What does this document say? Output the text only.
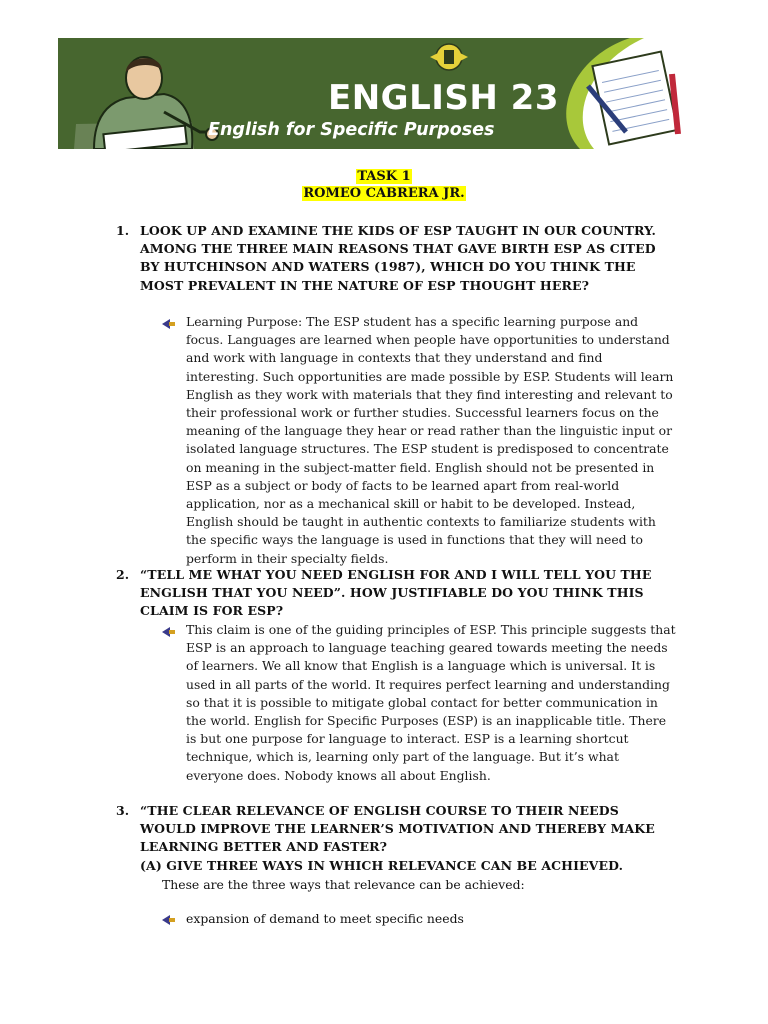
ENGLISH 23

English for Specific Purposes

TASK 1

ROMEO CABRERA JR.

1. LOOK UP AND EXAMINE THE KIDS OF ESP TAUGHT IN OUR COUNTRY. AMONG THE THREE MAIN REASONS THAT GAVE BIRTH ESP AS CITED BY HUTCHINSON AND WATERS (1987), WHICH DO YOU THINK THE MOST PREVALENT IN THE NATURE OF ESP THOUGHT HERE?

Learning Purpose: The ESP student has a specific learning purpose and focus. Languages are learned when people have opportunities to understand and work with language in contexts that they understand and find interesting. Such opportunities are made possible by ESP. Students will learn English as they work with materials that they find interesting and relevant to their professional work or further studies. Successful learners focus on the meaning of the language they hear or read rather than the linguistic input or isolated language structures. The ESP student is predisposed to concentrate on meaning in the subject-matter field. English should not be presented in ESP as a subject or body of facts to be learned apart from real-world application, nor as a mechanical skill or habit to be developed. Instead, English should be taught in authentic contexts to familiarize students with the specific ways the language is used in functions that they will need to perform in their specialty fields.

2. “TELL ME WHAT YOU NEED ENGLISH FOR AND I WILL TELL YOU THE ENGLISH THAT YOU NEED”. HOW JUSTIFIABLE DO YOU THINK THIS CLAIM IS FOR ESP?

This claim is one of the guiding principles of ESP. This principle suggests that ESP is an approach to language teaching geared towards meeting the needs of learners. We all know that English is a language which is universal. It is used in all parts of the world. It requires perfect learning and understanding so that it is possible to mitigate global contact for better communication in the world. English for Specific Purposes (ESP) is an inapplicable title. There is but one purpose for language to interact. ESP is a learning shortcut technique, which is, learning only part of the language. But it’s what everyone does. Nobody knows all about English.

3. “THE CLEAR RELEVANCE OF ENGLISH COURSE TO THEIR NEEDS WOULD IMPROVE THE LEARNER’S MOTIVATION AND THEREBY MAKE LEARNING BETTER AND FASTER?
(A) GIVE THREE WAYS IN WHICH RELEVANCE CAN BE ACHIEVED.

These are the three ways that relevance can be achieved:

expansion of demand to meet specific needs
